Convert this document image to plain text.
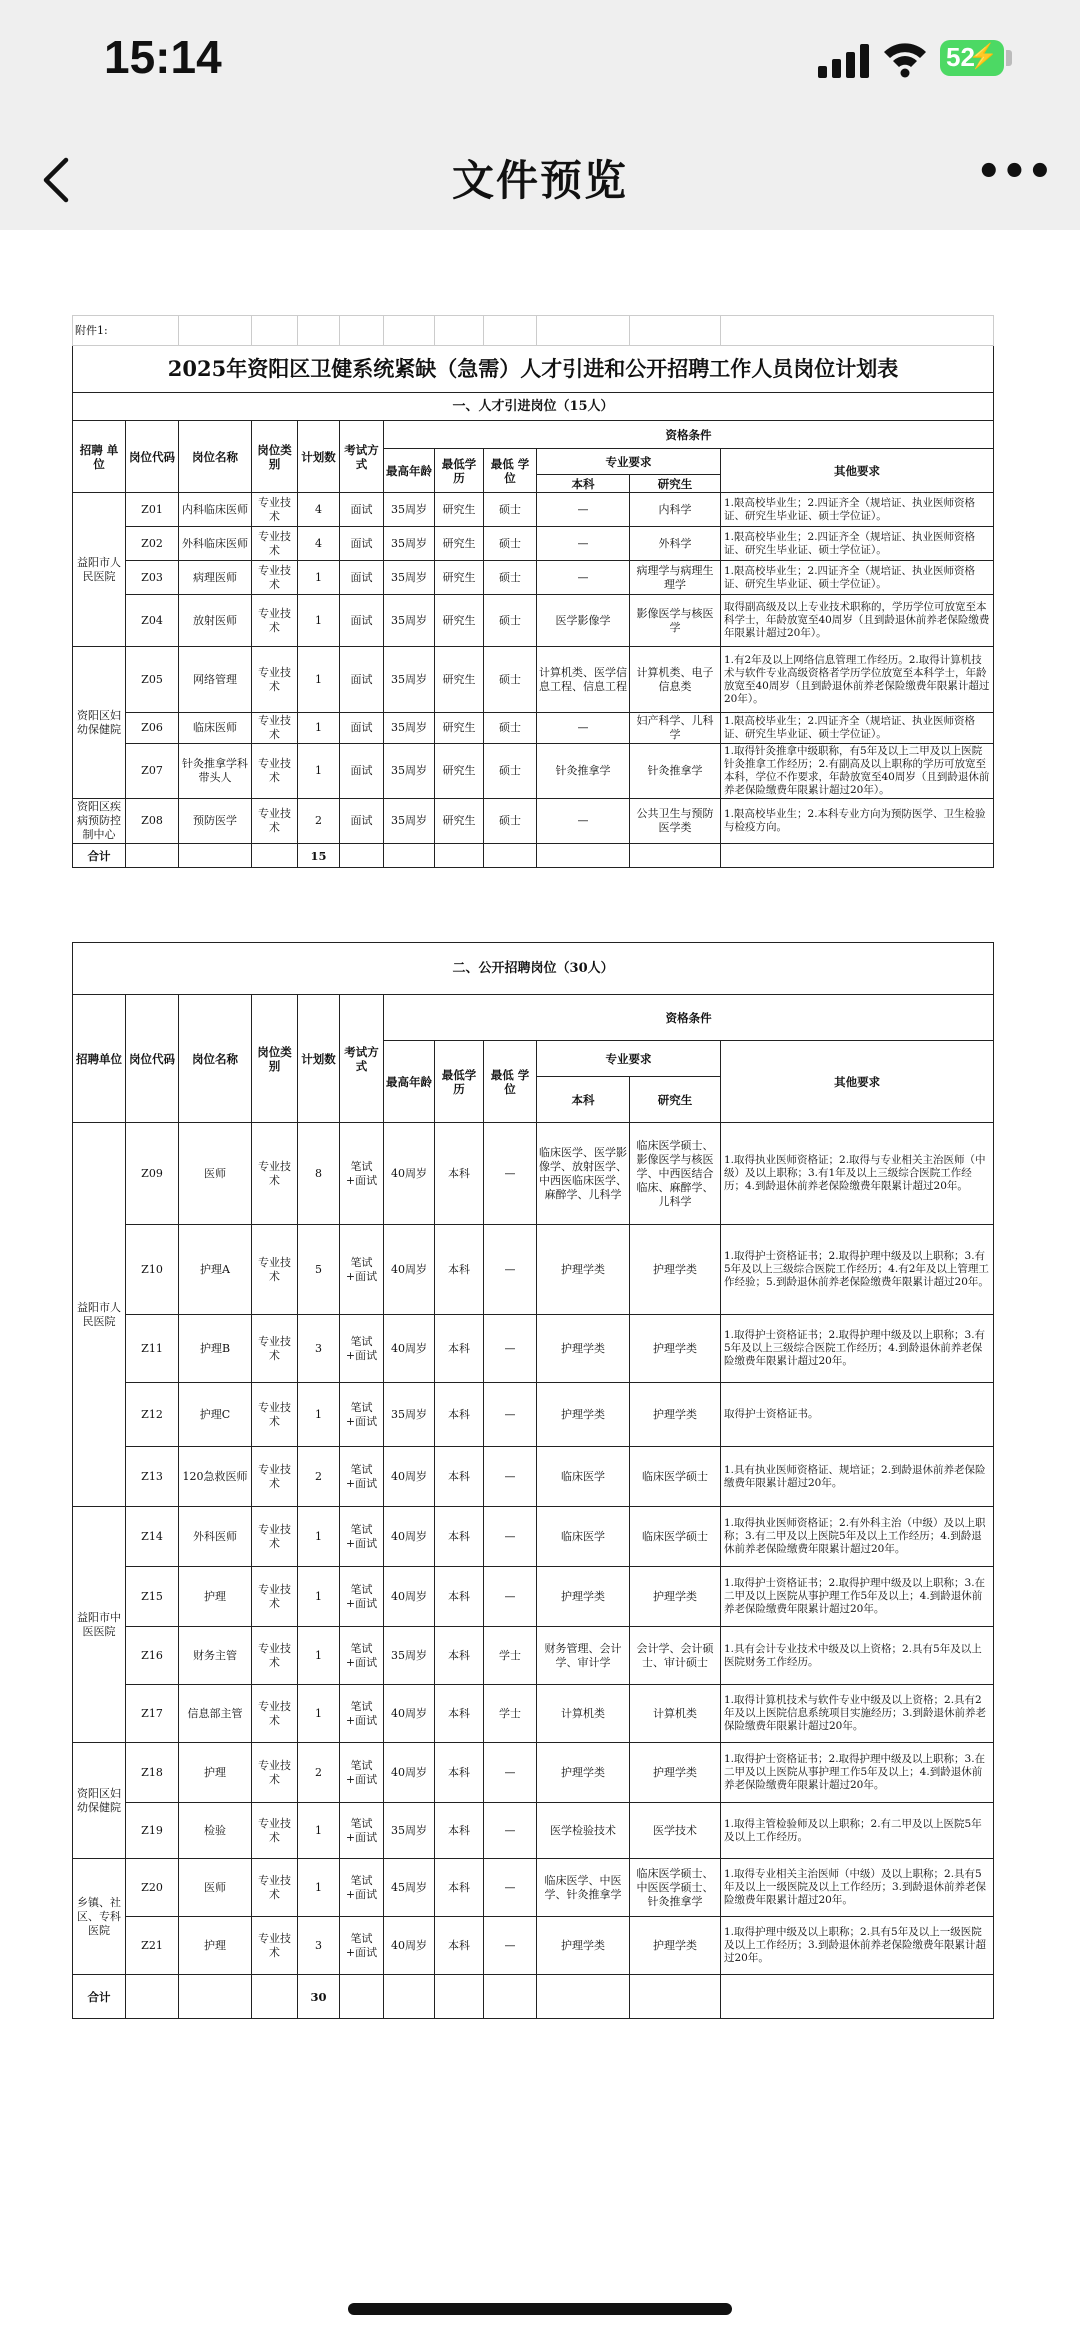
15:14	52
⚡
文件预览	•••
附件1:											
2025年资阳区卫健系统紧缺（急需）人才引进和公开招聘工作人员岗位计划表											
一、人才引进岗位（15人）											
招聘 单位	岗位代码	岗位名称	岗位类别	计划数	考试方式	资格条件					
						最高年龄	最低学历	最低 学位	专业要求		其他要求
									本科	研究生	
益阳市人民医院	Z01	内科临床医师	专业技术	4	面试	35周岁	研究生	硕士	—	内科学	1.限高校毕业生；2.四证齐全（规培证、执业医师资格证、研究生毕业证、硕士学位证）。
	Z02	外科临床医师	专业技术	4	面试	35周岁	研究生	硕士	—	外科学	1.限高校毕业生；2.四证齐全（规培证、执业医师资格证、研究生毕业证、硕士学位证）。
	Z03	病理医师	专业技术	1	面试	35周岁	研究生	硕士	—	病理学与病理生理学	1.限高校毕业生；2.四证齐全（规培证、执业医师资格证、研究生毕业证、硕士学位证）。
	Z04	放射医师	专业技术	1	面试	35周岁	研究生	硕士	医学影像学	影像医学与核医学	取得副高级及以上专业技术职称的，学历学位可放宽至本科学士，年龄放宽至40周岁（且到龄退休前养老保险缴费年限累计超过20年）。
资阳区妇幼保健院	Z05	网络管理	专业技术	1	面试	35周岁	研究生	硕士	计算机类、医学信息工程、信息工程	计算机类、电子信息类	1.有2年及以上网络信息管理工作经历。2.取得计算机技术与软件专业高级资格者学历学位放宽至本科学士，年龄放宽至40周岁（且到龄退休前养老保险缴费年限累计超过20年）。
	Z06	临床医师	专业技术	1	面试	35周岁	研究生	硕士	—	妇产科学、儿科学	1.限高校毕业生；2.四证齐全（规培证、执业医师资格证、研究生毕业证、硕士学位证）。
	Z07	针灸推拿学科带头人	专业技术	1	面试	35周岁	研究生	硕士	针灸推拿学	针灸推拿学	1.取得针灸推拿中级职称，有5年及以上二甲及以上医院针灸推拿工作经历；2.有副高及以上职称的学历可放宽至本科，学位不作要求，年龄放宽至40周岁（且到龄退休前养老保险缴费年限累计超过20年）。
资阳区疾病预防控制中心	Z08	预防医学	专业技术	2	面试	35周岁	研究生	硕士	—	公共卫生与预防医学类	1.限高校毕业生；2.本科专业方向为预防医学、卫生检验与检疫方向。
合计				15							
二、公开招聘岗位（30人）											
招聘单位	岗位代码	岗位名称	岗位类别	计划数	考试方式	资格条件					
						最高年龄	最低学历	最低 学位	专业要求		其他要求
									本科	研究生	
益阳市人民医院	Z09	医师	专业技术	8	笔试+面试	40周岁	本科	—	临床医学、医学影像学、放射医学、中西医临床医学、麻醉学、儿科学	临床医学硕士、影像医学与核医学、中西医结合临床、麻醉学、儿科学	1.取得执业医师资格证；2.取得与专业相关主治医师（中级）及以上职称；3.有1年及以上三级综合医院工作经历；4.到龄退休前养老保险缴费年限累计超过20年。
	Z10	护理A	专业技术	5	笔试+面试	40周岁	本科	—	护理学类	护理学类	1.取得护士资格证书；2.取得护理中级及以上职称；3.有5年及以上三级综合医院工作经历；4.有2年及以上管理工作经验；5.到龄退休前养老保险缴费年限累计超过20年。
	Z11	护理B	专业技术	3	笔试+面试	40周岁	本科	—	护理学类	护理学类	1.取得护士资格证书；2.取得护理中级及以上职称；3.有5年及以上三级综合医院工作经历；4.到龄退休前养老保险缴费年限累计超过20年。
	Z12	护理C	专业技术	1	笔试+面试	35周岁	本科	—	护理学类	护理学类	取得护士资格证书。
	Z13	120急救医师	专业技术	2	笔试+面试	40周岁	本科	—	临床医学	临床医学硕士	1.具有执业医师资格证、规培证；2.到龄退休前养老保险缴费年限累计超过20年。
益阳市中医医院	Z14	外科医师	专业技术	1	笔试+面试	40周岁	本科	—	临床医学	临床医学硕士	1.取得执业医师资格证；2.有外科主治（中级）及以上职称；3.有二甲及以上医院5年及以上工作经历；4.到龄退休前养老保险缴费年限累计超过20年。
	Z15	护理	专业技术	1	笔试+面试	40周岁	本科	—	护理学类	护理学类	1.取得护士资格证书；2.取得护理中级及以上职称；3.在二甲及以上医院从事护理工作5年及以上；4.到龄退休前养老保险缴费年限累计超过20年。
	Z16	财务主管	专业技术	1	笔试+面试	35周岁	本科	学士	财务管理、会计学、审计学	会计学、会计硕士、审计硕士	1.具有会计专业技术中级及以上资格；2.具有5年及以上医院财务工作经历。
	Z17	信息部主管	专业技术	1	笔试+面试	40周岁	本科	学士	计算机类	计算机类	1.取得计算机技术与软件专业中级及以上资格；2.具有2年及以上医院信息系统项目实施经历；3.到龄退休前养老保险缴费年限累计超过20年。
资阳区妇幼保健院	Z18	护理	专业技术	2	笔试+面试	40周岁	本科	—	护理学类	护理学类	1.取得护士资格证书；2.取得护理中级及以上职称；3.在二甲及以上医院从事护理工作5年及以上；4.到龄退休前养老保险缴费年限累计超过20年。
	Z19	检验	专业技术	1	笔试+面试	35周岁	本科	—	医学检验技术	医学技术	1.取得主管检验师及以上职称；2.有二甲及以上医院5年及以上工作经历。
乡镇、社区、专科医院	Z20	医师	专业技术	1	笔试+面试	45周岁	本科	—	临床医学、中医学、针灸推拿学	临床医学硕士、中医医学硕士、针灸推拿学	1.取得专业相关主治医师（中级）及以上职称；2.具有5年及以上一级医院及以上工作经历；3.到龄退休前养老保险缴费年限累计超过20年。
	Z21	护理	专业技术	3	笔试+面试	40周岁	本科	—	护理学类	护理学类	1.取得护理中级及以上职称；2.具有5年及以上一级医院及以上工作经历；3.到龄退休前养老保险缴费年限累计超过20年。
合计				30							
